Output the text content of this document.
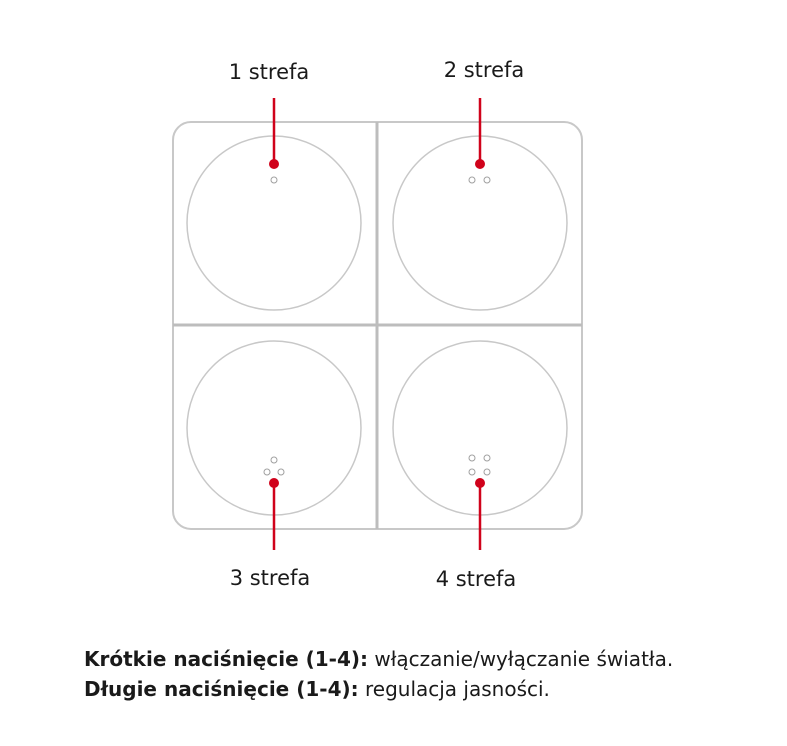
1 strefa	2 strefa
3 strefa	4 strefa
Krótkie naciśnięcie (1-4): włączanie/wyłączanie światła.
Długie naciśnięcie (1-4): regulacja jasności.
